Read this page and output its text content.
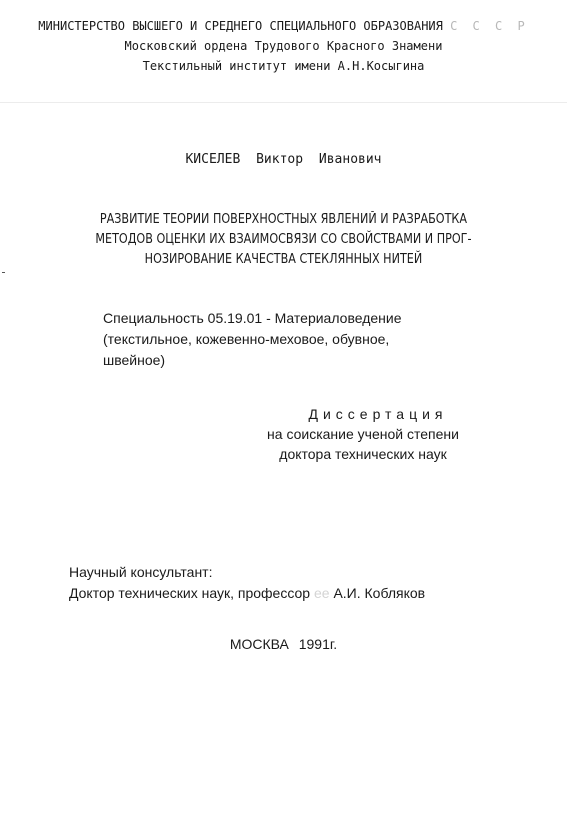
МИНИСТЕРСТВО ВЫСШЕГО И СРЕДНЕГО СПЕЦИАЛЬНОГО ОБРАЗОВАНИЯ С С С Р
Московский ордена Трудового Красного Знамени
Текстильный институт имени А.Н.Косыгина
КИСЕЛЕВ Виктор Иванович
РАЗВИТИЕ ТЕОРИИ ПОВЕРХНОСТНЫХ ЯВЛЕНИЙ И РАЗРАБОТКА
МЕТОДОВ ОЦЕНКИ ИХ ВЗАИМОСВЯЗИ СО СВОЙСТВАМИ И ПРОГ-
НОЗИРОВАНИЕ КАЧЕСТВА СТЕКЛЯННЫХ НИТЕЙ
Специальность 05.19.01 - Материаловедение
(текстильное, кожевенно-меховое, обувное,
швейное)
Диссертация
на соискание ученой степени
доктора технических наук
Научный консультант:
Доктор технических наук, профессор ее А.И. Кобляков
МОСКВА 1991г.
